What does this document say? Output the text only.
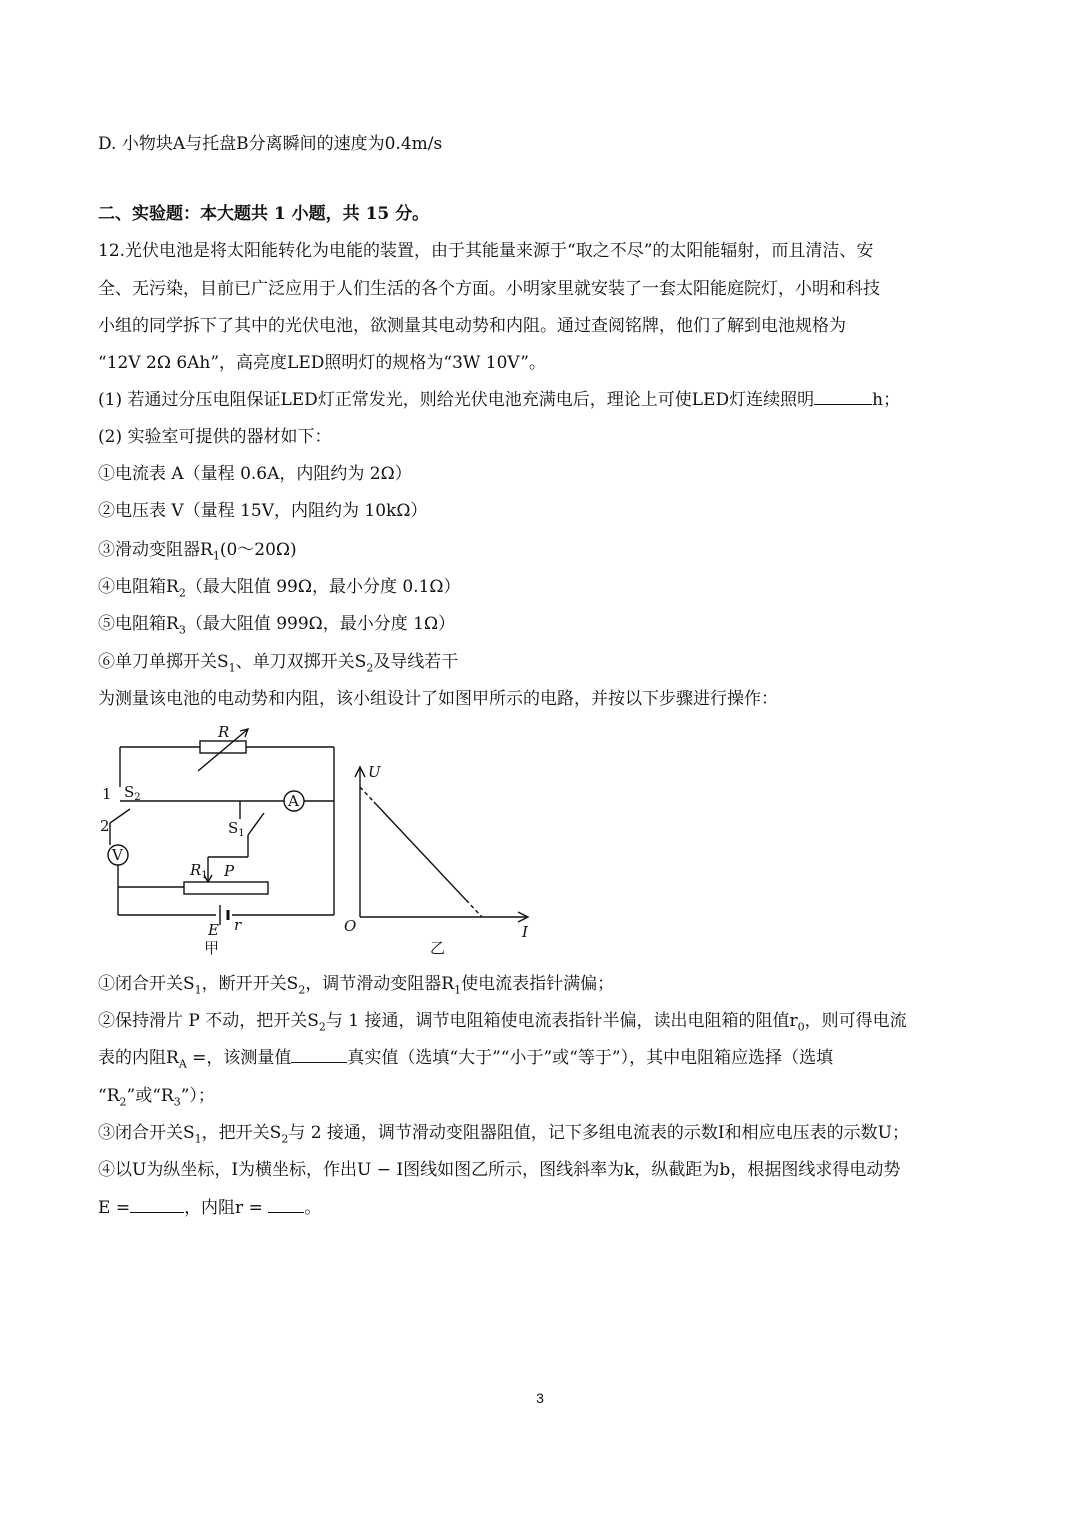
D. 小物块A与托盘B分离瞬间的速度为0.4m/s
二、实验题：本大题共 1 小题，共 15 分。
12.光伏电池是将太阳能转化为电能的装置，由于其能量来源于“取之不尽”的太阳能辐射，而且清洁、安
全、无污染，目前已广泛应用于人们生活的各个方面。小明家里就安装了一套太阳能庭院灯，小明和科技
小组的同学拆下了其中的光伏电池，欲测量其电动势和内阻。通过查阅铭牌，他们了解到电池规格为
“12V 2Ω 6Ah”，高亮度LED照明灯的规格为“3W 10V”。
(1) 若通过分压电阻保证LED灯正常发光，则给光伏电池充满电后，理论上可使LED灯连续照明	h；
(2) 实验室可提供的器材如下：
①电流表 A（量程 0.6A，内阻约为 2Ω）
②电压表 V（量程 15V，内阻约为 10kΩ）
③滑动变阻器$R_1(0\sim 20\Omega)$
④电阻箱$R_2$（最大阻值 99Ω，最小分度 0.1Ω）
⑤电阻箱$R_3$（最大阻值 999Ω，最小分度 1Ω）
⑥单刀单掷开关$S_1$、单刀双掷开关$S_2$及导线若干
为测量该电池的电动势和内阻，该小组设计了如图甲所示的电路，并按以下步骤进行操作：
R
1 $S_2$
2
A
V
$S_1$
$R_1$ P
E r
甲
U
I
O
乙
①闭合开关$S_1$，断开开关$S_2$，调节滑动变阻器$R_1$使电流表指针满偏；
②保持滑片 P 不动，把开关$S_2$与 1 接通，调节电阻箱使电流表指针半偏，读出电阻箱的阻值$r_0$，则可得电流
表的内阻$R_A$ =，该测量值	真实值（选填“大于”“小于”或“等于”），其中电阻箱应选择（选填
“$R_2$”或“$R_3$”）；
③闭合开关$S_1$，把开关$S_2$与 2 接通，调节滑动变阻器阻值，记下多组电流表的示数I和相应电压表的示数U；
④以U为纵坐标，I为横坐标，作出U − I图线如图乙所示，图线斜率为k，纵截距为b，根据图线求得电动势
E =	，内阻r = 。
3
